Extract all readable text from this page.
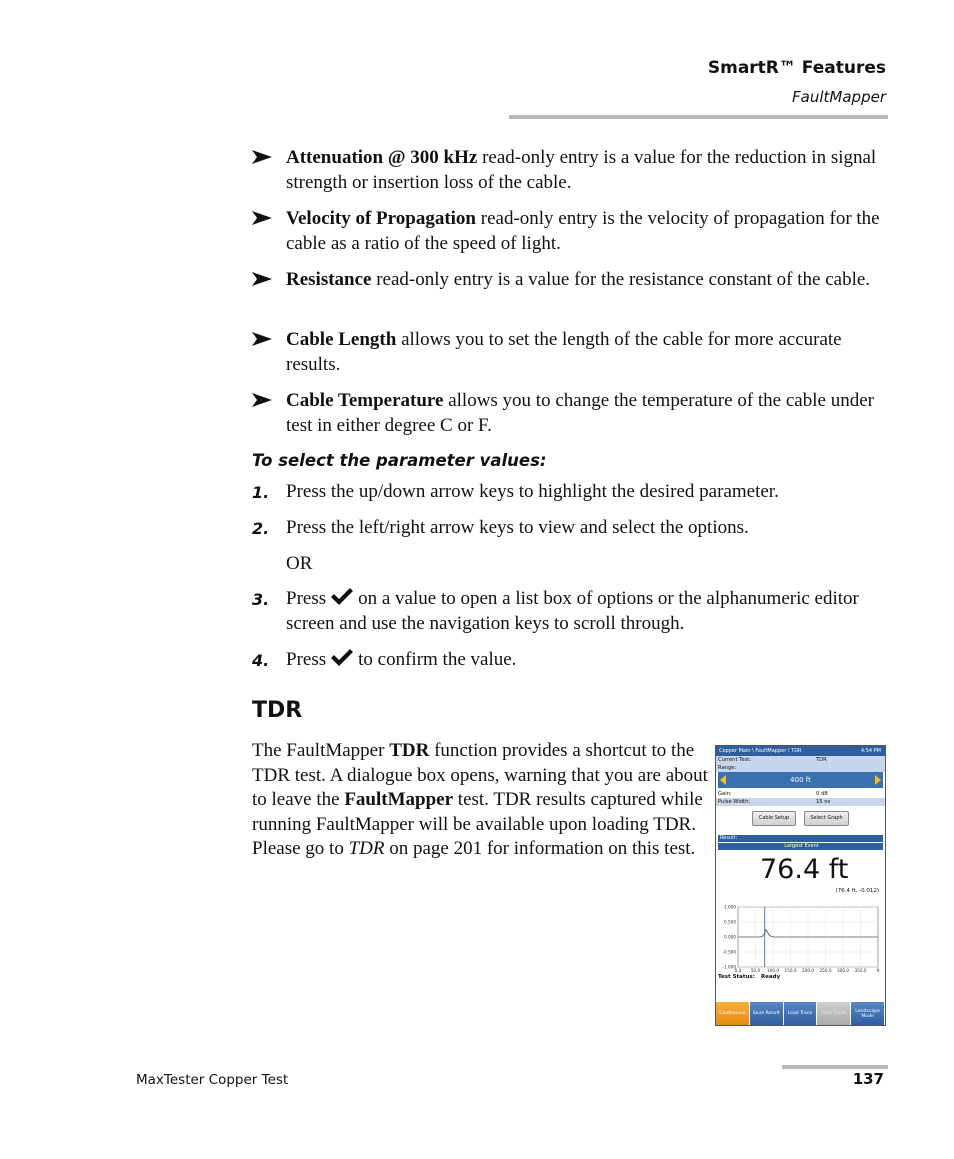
SmartR™ Features
FaultMapper
Attenuation @ 300 kHz read-only entry is a value for the reduction in signal strength or insertion loss of the cable.
Velocity of Propagation read-only entry is the velocity of propagation for the cable as a ratio of the speed of light.
Resistance read-only entry is a value for the resistance constant of the cable.
Cable Length allows you to set the length of the cable for more accurate results.
Cable Temperature allows you to change the temperature of the cable under test in either degree C or F.
To select the parameter values:
1. Press the up/down arrow keys to highlight the desired parameter.
2. Press the left/right arrow keys to view and select the options.
OR
3. Press on a value to open a list box of options or the alphanumeric editor screen and use the navigation keys to scroll through.
4. Press to confirm the value.
TDR
The FaultMapper TDR function provides a shortcut to the TDR test. A dialogue box opens, warning that you are about to leave the FaultMapper test. TDR results captured while running FaultMapper will be available upon loading TDR. Please go to TDR on page 201 for information on this test.
Copper Main \ FaultMapper \ TDR	4:54 PM
Current Test:	TDR
Range:
400 ft
Gain:	0 dB
Pulse Width:	15 ns
Cable Setup	Select Graph
Result:
Largest Event
76.4 ft
(76.4 ft, -0.012)
1.000
0.500
0.000
-0.500
-1.000
0.0 50.0 100.0 150.0 200.0 250.0 300.0 350.0 ft
Test Status: Ready
Continuous	Save Result	Load Trace	Stop Trace	Landscape Mode
MaxTester Copper Test	137
